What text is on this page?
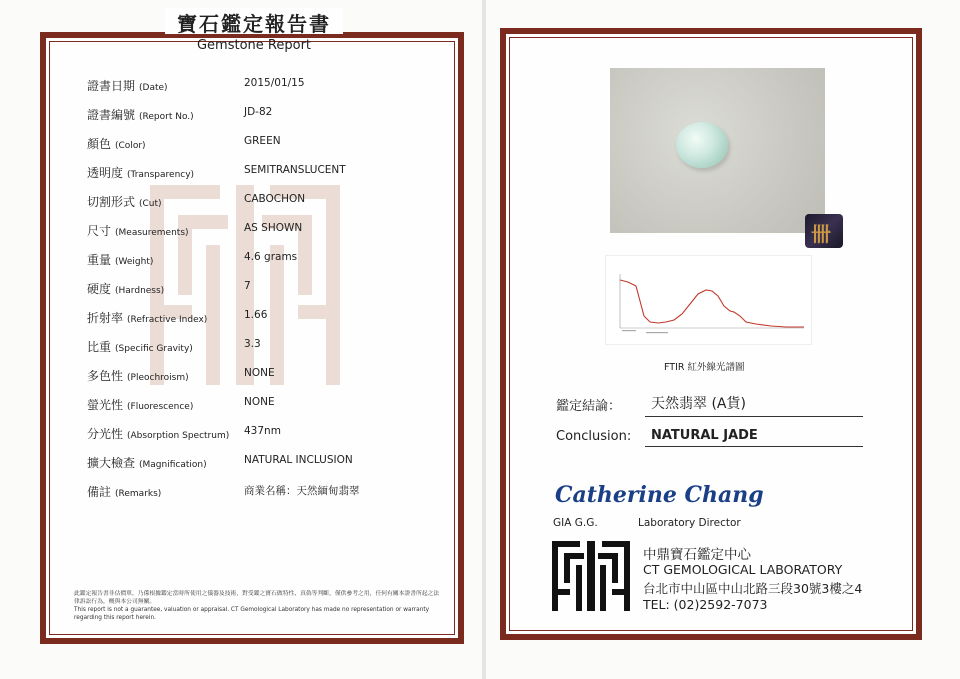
寶石鑑定報告書
Gemstone Report
證書日期 (Date)	2015/01/15
證書編號 (Report No.)	JD-82
顏色 (Color)	GREEN
透明度 (Transparency)	SEMITRANSLUCENT
切割形式 (Cut)	CABOCHON
尺寸 (Measurements)	AS SHOWN
重量 (Weight)	4.6 grams
硬度 (Hardness)	7
折射率 (Refractive Index)	1.66
比重 (Specific Gravity)	3.3
多色性 (Pleochroism)	NONE
螢光性 (Fluorescence)	NONE
分光性 (Absorption Spectrum) 437nm
擴大檢查 (Magnification)	NATURAL INCLUSION
備註 (Remarks)	商業名稱：天然緬甸翡翠
此鑑定報告書非估價單，乃係根據鑑定當時所使用之儀器及技術，對受鑑之寶石做特性、真偽等判斷，僅供參考之用，任何有關本證書所起之法律訴訟行為，概與本公司無關。
This report is not a guarantee, valuation or appraisal. CT Gemological Laboratory has made no representation or warranty regarding this report herein.
卌
FTIR 紅外線光譜圖
鑑定結論： 天然翡翠 (A貨)
Conclusion: NATURAL JADE
Catherine Chang
GIA G.G.	Laboratory Director
中鼎寶石鑑定中心
CT GEMOLOGICAL LABORATORY
台北市中山區中山北路三段30號3樓之4
TEL: (02)2592-7073
